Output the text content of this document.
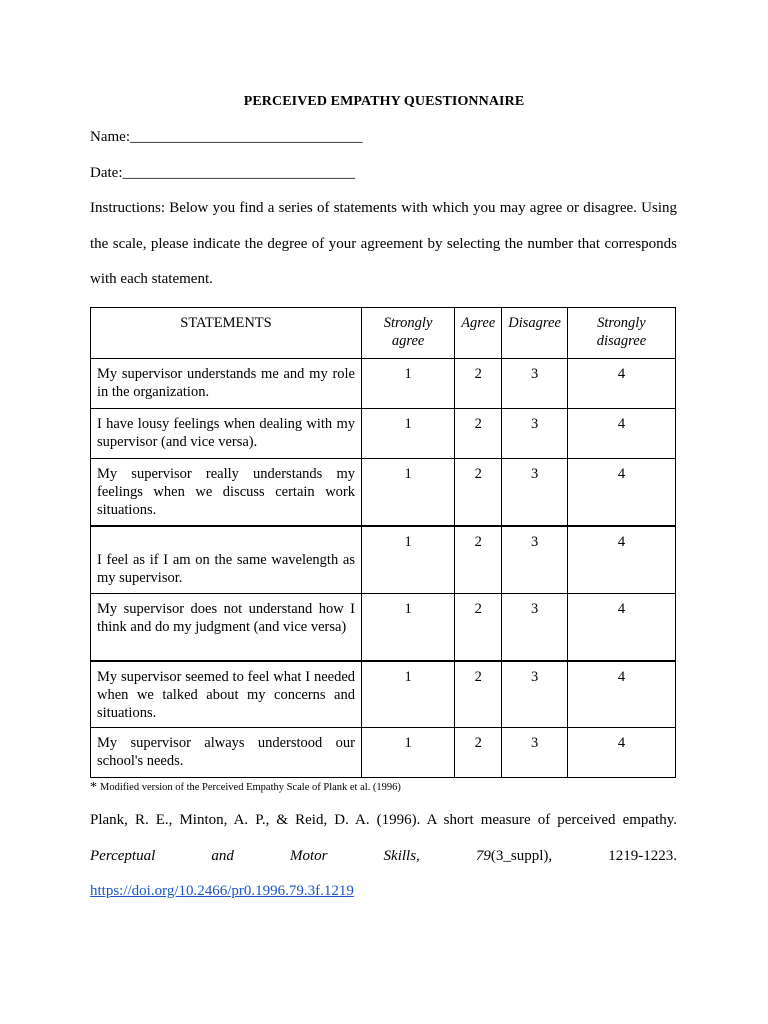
PERCEIVED EMPATHY QUESTIONNAIRE
Name:_______________________________
Date:_______________________________
Instructions: Below you find a series of statements with which you may agree or disagree. Using the scale, please indicate the degree of your agreement by selecting the number that corresponds with each statement.
STATEMENTS	Strongly agree	Agree	Disagree	Strongly disagree
My supervisor understands me and my role in the organization.	1	2	3	4
I have lousy feelings when dealing with my supervisor (and vice versa).	1	2	3	4
My supervisor really understands my feelings when we discuss certain work situations.	1	2	3	4
I feel as if I am on the same wavelength as my supervisor.	1	2	3	4
My supervisor does not understand how I think and do my judgment (and vice versa)	1	2	3	4
My supervisor seemed to feel what I needed when we talked about my concerns and situations.	1	2	3	4
My supervisor always understood our school's needs.	1	2	3	4
* Modified version of the Perceived Empathy Scale of Plank et al. (1996)
Plank, R. E., Minton, A. P., & Reid, D. A. (1996). A short measure of perceived empathy.
Perceptual	and	Motor	Skills,	79(3_suppl),	1219-1223.
https://doi.org/10.2466/pr0.1996.79.3f.1219
